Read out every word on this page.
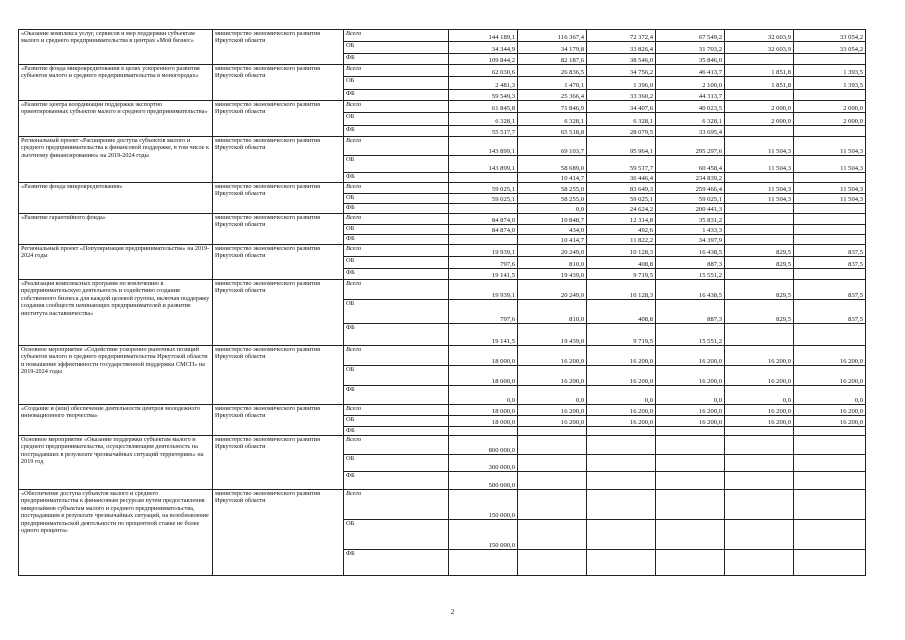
«Оказание комплекса услуг, сервисов и мер поддержки субъектам малого и среднего предпринимательства в центрах «Мой бизнес»	министерство экономического развития Иркутской области	Всего	144 189,1	116 367,4	72 372,4	67 549,2	32 603,9	33 054,2
		ОБ	34 344,9	34 179,8	33 826,4	31 703,2	32 603,9	33 054,2
		ФБ	109 844,2	82 187,6	38 546,0	35 846,0		
«Развитие фонда микрокредитования в целях ускоренного развития субъектов малого и среднего предпринимательства в моногородах»	министерство экономического развития Иркутской области	Всего	62 030,6	26 836,5	34 756,2	46 413,7	1 851,8	1 393,5
		ОБ	2 481,3	1 470,1	1 396,0	2 100,0	1 851,8	1 393,5
		ФБ	59 549,3	25 366,4	33 360,2	44 313,7		
«Развитие центра координации поддержки экспортно ориентированных субъектов малого и среднего предпринимательства»	министерство экономического развития Иркутской области	Всего	61 845,8	71 846,9	34 407,6	40 023,5	2 000,0	2 000,0
		ОБ	6 328,1	6 328,1	6 328,1	6 328,1	2 000,0	2 000,0
		ФБ	55 517,7	65 518,8	28 079,5	33 695,4		
Региональный проект «Расширение доступа субъектов малого и среднего предпринимательства к финансовой поддержке, в том числе к льготному финансированию» на 2019-2024 годы	министерство экономического развития Иркутской области	Всего	143 899,1	69 103,7	95 964,1	295 297,6	11 504,3	11 504,3
		ОБ	143 899,1	58 689,0	59 517,7	60 458,4	11 504,3	11 504,3
		ФБ		10 414,7	36 446,4	234 839,2		
«Развитие фонда микрокредитования»	министерство экономического развития Иркутской области	Всего	59 025,1	58 255,0	83 649,3	259 466,4	11 504,3	11 504,3
		ОБ	59 025,1	58 255,0	59 025,1	59 025,1	11 504,3	11 504,3
		ФБ		0,0	24 624,2	200 441,3		
«Развитие гарантийного фонда»	министерство экономического развития Иркутской области	Всего	84 874,0	10 848,7	12 314,8	35 831,2		
		ОБ	84 874,0	434,0	492,6	1 433,3		
		ФБ		10 414,7	11 822,2	34 397,9		
Региональный проект «Популяризация предпринимательства» на 2019-2024 годы	министерство экономического развития Иркутской области	Всего	19 939,1	20 249,0	10 128,3	16 438,5	829,5	837,5
		ОБ	797,6	810,0	408,8	887,3	829,5	837,5
		ФБ	19 141,5	19 439,0	9 719,5	15 551,2		
«Реализация комплексных программ по вовлечению в предпринимательскую деятельность и содействию создания собственного бизнеса для каждой целевой группы, включая поддержку создания сообществ начинающих предпринимателей и развитие института наставничества»	министерство экономического развития Иркутской области	Всего	19 939,1	20 249,0	10 128,3	16 438,5	829,5	837,5
		ОБ	797,6	810,0	408,8	887,3	829,5	837,5
		ФБ	19 141,5	19 439,0	9 719,5	15 551,2		
Основное мероприятие «Содействие ускоренно рыночных позиций субъектов малого и среднего предпринимательства Иркутской области и повышение эффективности государственной поддержки СМСП» на 2019-2024 годы	министерство экономического развития Иркутской области	Всего	18 000,0	16 200,0	16 200,0	16 200,0	16 200,0	16 200,0
		ОБ	18 000,0	16 200,0	16 200,0	16 200,0	16 200,0	16 200,0
		ФБ	0,0	0,0	0,0	0,0	0,0	0,0
«Создание и (или) обеспечение деятельности центров молодежного инновационного творчества»	министерство экономического развития Иркутской области	Всего	18 000,0	16 200,0	16 200,0	16 200,0	16 200,0	16 200,0
		ОБ	18 000,0	16 200,0	16 200,0	16 200,0	16 200,0	16 200,0
		ФБ						
Основное мероприятие «Оказание поддержки субъектам малого и среднего предпринимательства, осуществляющим деятельность на пострадавших в результате чрезвычайных ситуаций территориях» на 2019 год	министерство экономического развития Иркутской области	Всего	800 000,0					
		ОБ	300 000,0					
		ФБ	500 000,0					
«Обеспечение доступа субъектов малого и среднего предпринимательства к финансовым ресурсам путем предоставления микрозаймов субъектам малого и среднего предпринимательства, пострадавшим в результате чрезвычайных ситуаций, на возобновление предпринимательской деятельности по процентной ставке не более одного процента»	министерство экономического развития Иркутской области	Всего	150 000,0					
		ОБ	150 000,0					
		ФБ						
2
